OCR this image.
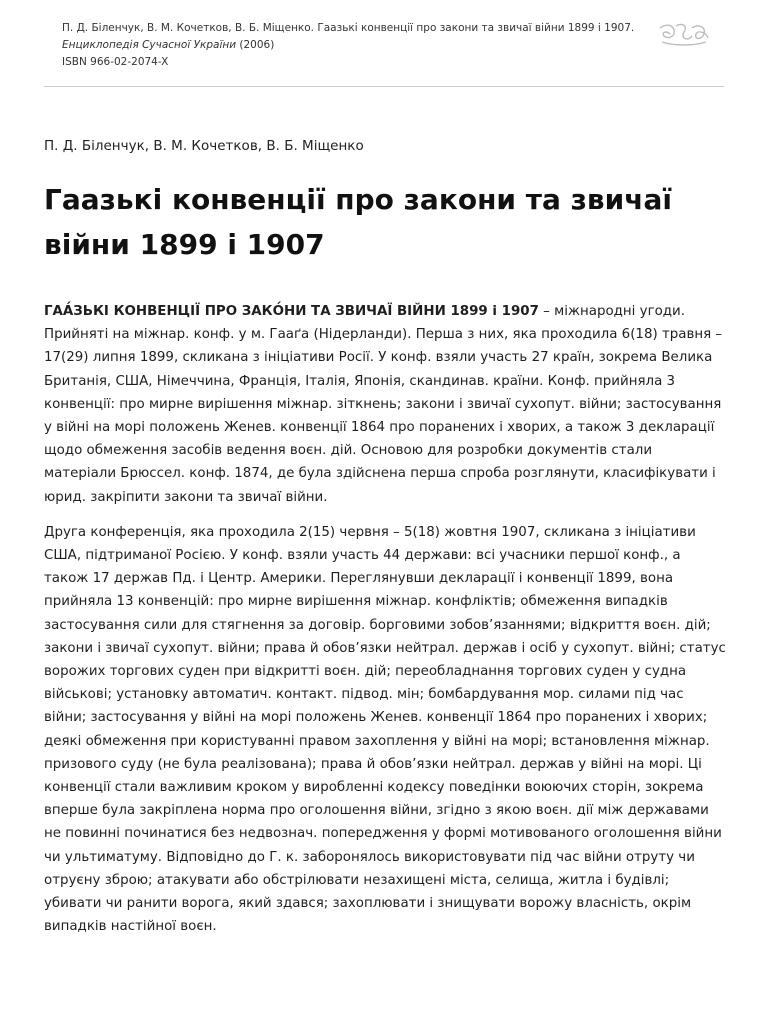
П. Д. Біленчук, В. М. Кочетков, В. Б. Міщенко. Гаазькі конвенції про закони та звичаї війни 1899 і 1907.
Енциклопедія Сучасної України (2006)
ISBN 966-02-2074-X
П. Д. Біленчук, В. М. Кочетков, В. Б. Міщенко
Гаазькі конвенції про закони та звичаї війни 1899 і 1907

ГАА́ЗЬКІ КОНВЕНЦІЇ ПРО ЗАКО́НИ ТА ЗВИЧАЇ ВІЙНИ 1899 і 1907 – міжнародні угоди. Прийняті на міжнар. конф. у м. Гааґа (Нідерланди). Перша з них, яка проходила 6(18) травня – 17(29) липня 1899, скликана з ініціативи Росії. У конф. взяли участь 27 країн, зокрема Велика Британія, США, Німеччина, Франція, Італія, Японія, скандинав. країни. Конф. прийняла 3 конвенції: про мирне вирішення міжнар. зіткнень; закони і звичаї сухопут. війни; застосування у війні на морі положень Женев. конвенції 1864 про поранених і хворих, а також 3 декларації щодо обмеження засобів ведення воєн. дій. Основою для розробки документів стали матеріали Брюссел. конф. 1874, де була здійснена перша спроба розглянути, класифікувати і юрид. закріпити закони та звичаї війни.

Друга конференція, яка проходила 2(15) червня – 5(18) жовтня 1907, скликана з ініціативи США, підтриманої Росією. У конф. взяли участь 44 держави: всі учасники першої конф., а також 17 держав Пд. і Центр. Америки. Переглянувши декларації і конвенції 1899, вона прийняла 13 конвенцій: про мирне вирішення міжнар. конфліктів; обмеження випадків застосування сили для стягнення за договір. борговими зобов’язаннями; відкриття воєн. дій; закони і звичаї сухопут. війни; права й обов’язки нейтрал. держав і осіб у сухопут. війні; статус ворожих торгових суден при відкритті воєн. дій; переобладнання торгових суден у судна військові; установку автоматич. контакт. підвод. мін; бомбардування мор. силами під час війни; застосування у війні на морі положень Женев. конвенції 1864 про поранених і хворих; деякі обмеження при користуванні правом захоплення у війні на морі; встановлення міжнар. призового суду (не була реалізована); права й обов’язки нейтрал. держав у війні на морі. Ці конвенції стали важливим кроком у виробленні кодексу поведінки воюючих сторін, зокрема вперше була закріплена норма про оголошення війни, згідно з якою воєн. дії між державами не повинні починатися без недвознач. попередження у формі мотивованого оголошення війни чи ультиматуму. Відповідно до Г. к. заборонялось використовувати під час війни отруту чи отруєну зброю; атакувати або обстрілювати незахищені міста, селища, житла і будівлі; убивати чи ранити ворога, який здався; захоплювати і знищувати ворожу власність, окрім випадків настійної воєн.
